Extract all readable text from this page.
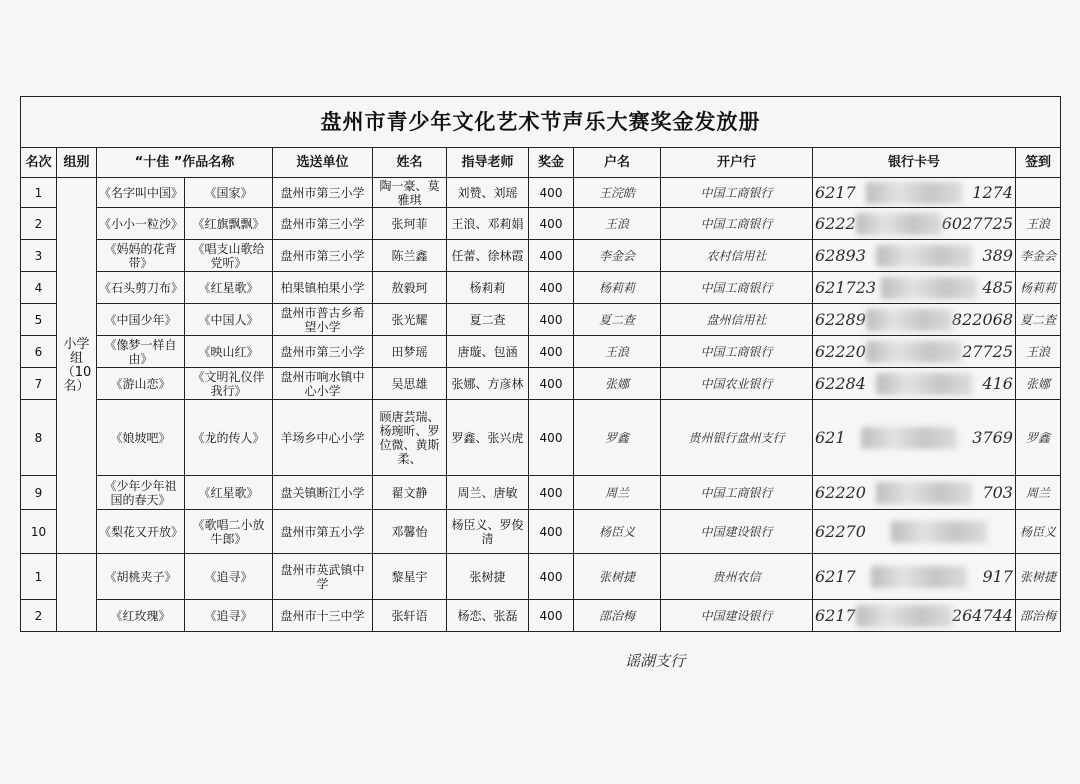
盘州市青少年文化艺术节声乐大赛奖金发放册											
名次	组别	“十佳 ”作品名称		选送单位	姓名	指导老师	奖金	户名	开户行	银行卡号	签到
1	小学组（10名）	《名字叫中国》	《国家》	盘州市第三小学	陶一豪、莫雅琪	刘赞、刘瑶	400	王浣皓	中国工商银行	6217 1274	

2		《小小一粒沙》	《红旗飘飘》	盘州市第三小学	张珂菲	王浪、邓莉娟	400	王浪	中国工商银行	6222 6027725	王浪
3		《妈妈的花背带》	《唱支山歌给党听》	盘州市第三小学	陈兰鑫	任蕾、徐林霞	400	李金会	农村信用社	62893 389	李金会
4		《石头剪刀布》	《红星歌》	柏果镇柏果小学	敖毅珂	杨莉莉	400	杨莉莉	中国工商银行	621723 485	杨莉莉
5		《中国少年》	《中国人》	盘州市普古乡希望小学	张光耀	夏二查	400	夏二查	盘州信用社	62289 822068	夏二查
6		《像梦一样自由》	《映山红》	盘州市第三小学	田梦瑶	唐璇、包涵	400	王浪	中国工商银行	62220 27725	王浪
7		《游山恋》	《文明礼仪伴我行》	盘州市响水镇中心小学	吴思雄	张娜、方彦林	400	张娜	中国农业银行	62284 416	张娜
8		《娘坡吧》	《龙的传人》	羊场乡中心小学	顾唐芸瑞、杨琬昕、罗位微、黄斯柔、	罗鑫、张兴虎	400	罗鑫	贵州银行盘州支行	621 3769	罗鑫
9		《少年少年祖国的春天》	《红星歌》	盘关镇断江小学	翟文静	周兰、唐敏	400	周兰	中国工商银行	62220 703	周兰
10		《梨花又开放》	《歌唱二小放牛郎》	盘州市第五小学	邓馨怡	杨臣义、罗俊清	400	杨臣义	中国建设银行	62270	杨臣义
1		《胡桃夹子》	《追寻》	盘州市英武镇中学	黎星宇	张树捷	400	张树捷	贵州农信	6217 917	张树捷
2		《红玫瑰》	《追寻》	盘州市十三中学	张轩语	杨恋、张磊	400	邵治梅	中国建设银行	6217 264744	邵治梅
谣湖支行
